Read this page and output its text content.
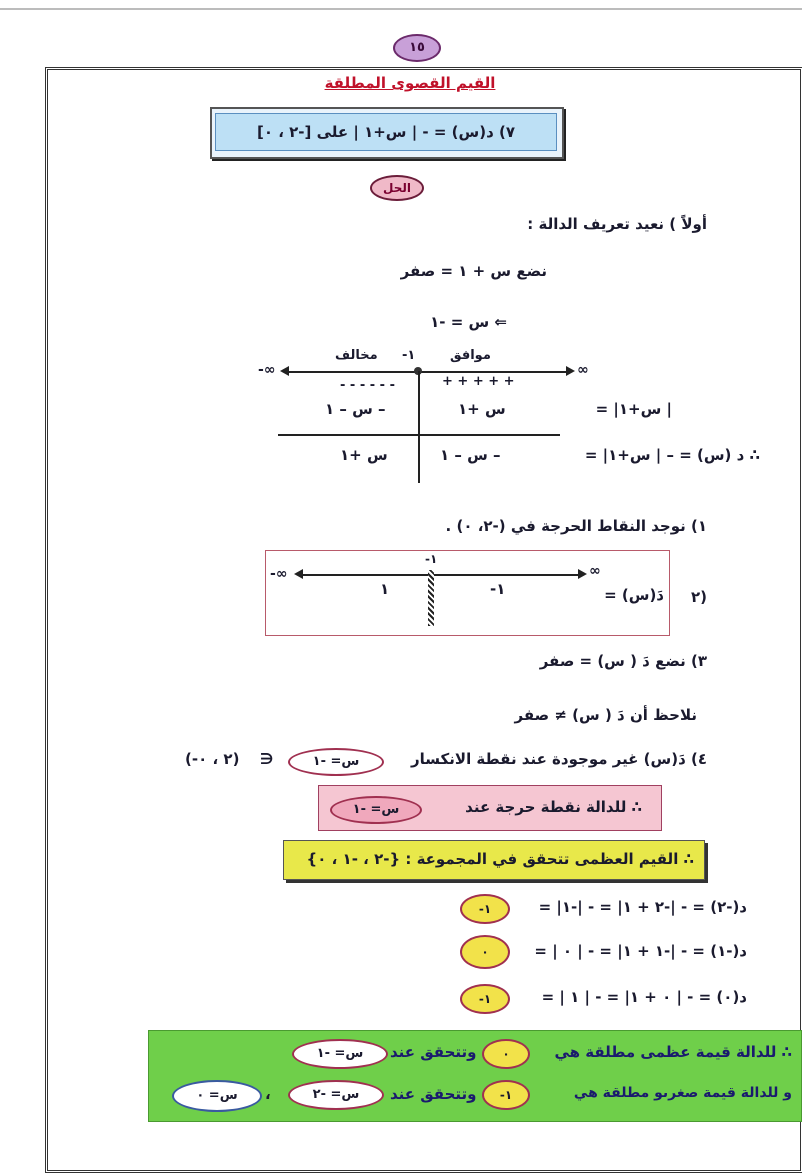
١٥
القيم القصوى المطلقة
٧) د(س) = - | س+١ | على [-٢ ، ٠]
الحل
أولاً ) نعيد تعريف الدالة :
نضع س + ١ = صفر
⇐ س = -١
-∞	∞
-١
مخالف	موافق
- - - - - -	+ + + + +
| س+١| =
س +١
– س – ١
∴ د (س) = – | س+١| =
– س – ١
س +١
١) نوجد النقاط الحرجة في (-٢، ٠) .
٢)
دَ(س) =
-∞	∞
-١
-١
١
٣) نضع دَ ( س) = صفر
نلاحظ أن دَ ( س) ≠ صفر
٤) دَ(س) غير موجودة عند نقطة الانكسار
س= -١
∋
(-٢ ، ٠)
∴ للدالة نقطة حرجة عند
س= -١
∴ القيم العظمى تتحقق في المجموعة : {-٢ ، -١ ، ٠}
د(-٢) = - |-٢ + ١| = - |-١| =
-١
د(-١) = - |-١ + ١| = - | ٠ | =
٠
د(٠) = - | ٠ + ١| = - | ١ | =
-١
∴ للدالة قيمة عظمى مطلقة هي
٠
وتتحقق عند
س= -١
و للدالة قيمة صغرىو مطلقة هي
-١
وتتحقق عند
س= -٢
،
س= ٠
